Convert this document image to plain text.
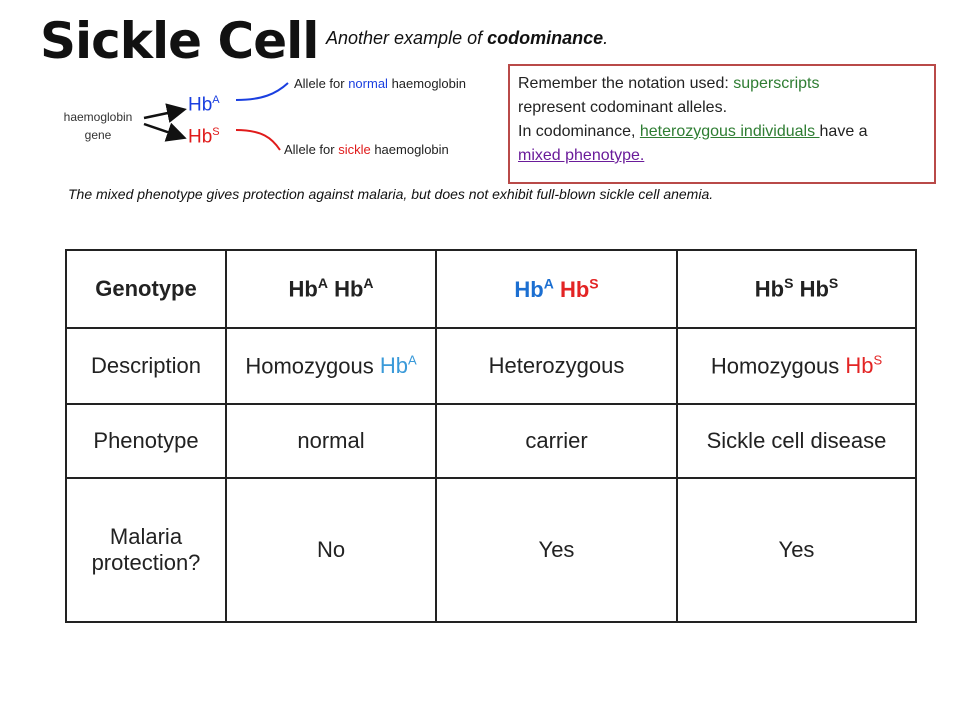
Sickle Cell Another example of codominance.
haemoglobin
gene
$Hb^A$
$Hb^S$
Allele for normal haemoglobin
Allele for sickle haemoglobin
Remember the notation used: superscripts
represent codominant alleles.
In codominance, heterozygous individuals have a
mixed phenotype.
The mixed phenotype gives protection against malaria, but does not exhibit full-blown sickle cell anemia.
Genotype	$Hb^A$ $Hb^A$	$Hb^A$ $Hb^S$	$Hb^S$ $Hb^S$
Description	Homozygous $Hb^A$	Heterozygous	Homozygous $Hb^S$
Phenotype	normal	carrier	Sickle cell disease

Malaria
protection?	No	Yes	Yes
